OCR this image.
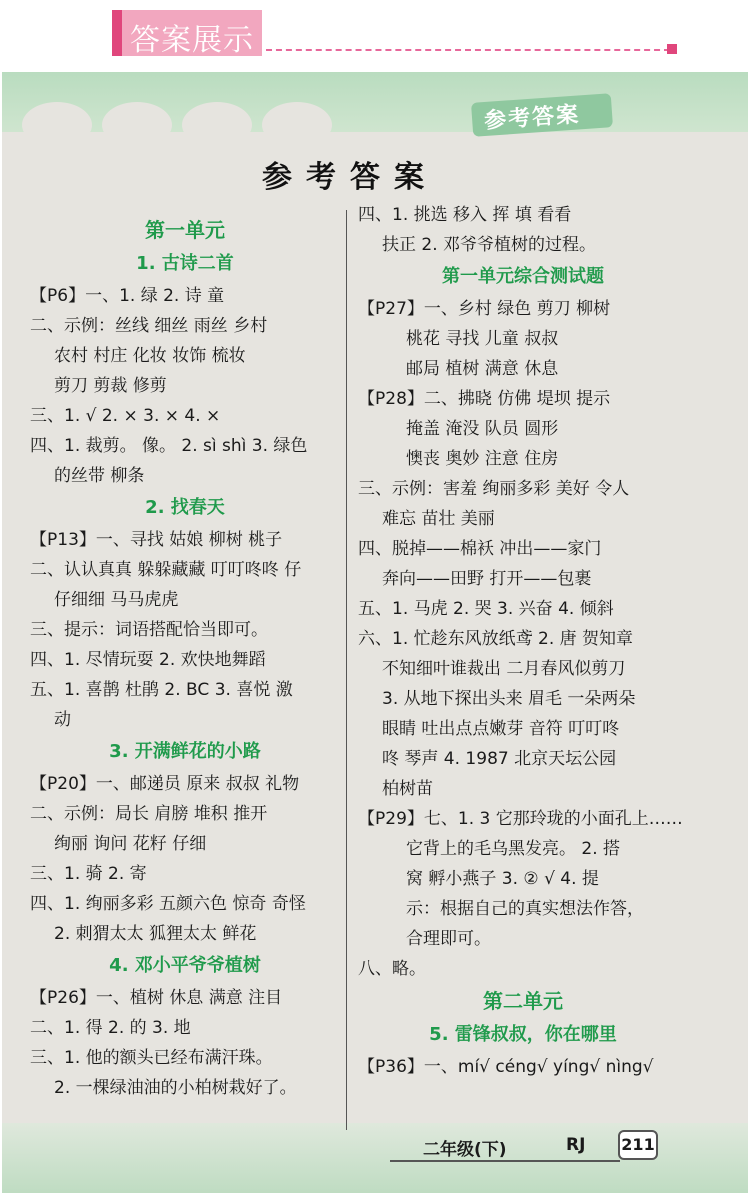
答案展示
参考答案
参考答案
第一单元
1. 古诗二首
【P6】一、1. 绿 2. 诗 童
二、示例：丝线 细丝 雨丝 乡村
农村 村庄 化妆 妆饰 梳妆
剪刀 剪裁 修剪
三、1. √ 2. × 3. × 4. ×
四、1. 裁剪。 像。 2. sì shì 3. 绿色
的丝带 柳条
2. 找春天
【P13】一、寻找 姑娘 柳树 桃子
二、认认真真 躲躲藏藏 叮叮咚咚 仔
仔细细 马马虎虎
三、提示：词语搭配恰当即可。
四、1. 尽情玩耍 2. 欢快地舞蹈
五、1. 喜鹊 杜鹃 2. BC 3. 喜悦 激
动
3. 开满鲜花的小路
【P20】一、邮递员 原来 叔叔 礼物
二、示例：局长 肩膀 堆积 推开
绚丽 询问 花籽 仔细
三、1. 骑 2. 寄
四、1. 绚丽多彩 五颜六色 惊奇 奇怪
2. 刺猬太太 狐狸太太 鲜花
4. 邓小平爷爷植树
【P26】一、植树 休息 满意 注目
二、1. 得 2. 的 3. 地
三、1. 他的额头已经布满汗珠。
2. 一棵绿油油的小柏树栽好了。
四、1. 挑选 移入 挥 填 看看
扶正 2. 邓爷爷植树的过程。
第一单元综合测试题
【P27】一、乡村 绿色 剪刀 柳树
桃花 寻找 儿童 叔叔
邮局 植树 满意 休息
【P28】二、拂晓 仿佛 堤坝 提示
掩盖 淹没 队员 圆形
懊丧 奥妙 注意 住房
三、示例：害羞 绚丽多彩 美好 令人
难忘 苗壮 美丽
四、脱掉——棉袄 冲出——家门
奔向——田野 打开——包裹
五、1. 马虎 2. 哭 3. 兴奋 4. 倾斜
六、1. 忙趁东风放纸鸢 2. 唐 贺知章
不知细叶谁裁出 二月春风似剪刀
3. 从地下探出头来 眉毛 一朵两朵
眼睛 吐出点点嫩芽 音符 叮叮咚
咚 琴声 4. 1987 北京天坛公园
柏树苗
【P29】七、1. 3 它那玲珑的小面孔上……
它背上的毛乌黑发亮。 2. 搭
窝 孵小燕子 3. ② √ 4. 提
示：根据自己的真实想法作答，
合理即可。
八、略。
第二单元
5. 雷锋叔叔，你在哪里
【P36】一、mí√ céng√ yíng√ nìng√
二年级(下)	RJ 211
